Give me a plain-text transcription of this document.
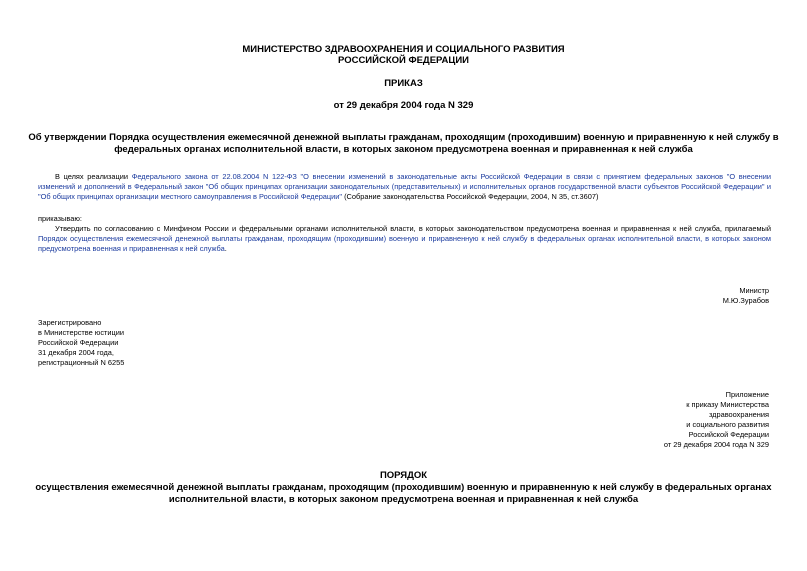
МИНИСТЕРСТВО ЗДРАВООХРАНЕНИЯ И СОЦИАЛЬНОГО РАЗВИТИЯ
РОССИЙСКОЙ ФЕДЕРАЦИИ
ПРИКАЗ
от 29 декабря 2004 года N 329
Об утверждении Порядка осуществления ежемесячной денежной выплаты гражданам, проходящим (проходившим) военную и приравненную к ней службу в
федеральных органах исполнительной власти, в которых законом предусмотрена военная и приравненная к ней служба
В целях реализации Федерального закона от 22.08.2004 N 122-ФЗ "О внесении изменений в законодательные акты Российской Федерации в связи с принятием федеральных законов "О внесении изменений и дополнений в Федеральный закон "Об общих принципах организации законодательных (представительных) и исполнительных органов государственной власти субъектов Российской Федерации" и "Об общих принципах организации местного самоуправления в Российской Федерации" (Собрание законодательства Российской Федерации, 2004, N 35, ст.3607)
приказываю:
Утвердить по согласованию с Минфином России и федеральными органами исполнительной власти, в которых законодательством предусмотрена военная и приравненная к ней служба, прилагаемый Порядок осуществления ежемесячной денежной выплаты гражданам, проходящим (проходившим) военную и приравненную к ней службу в федеральных органах исполнительной власти, в которых законом предусмотрена военная и приравненная к ней служба.
Министр
М.Ю.Зурабов
Зарегистрировано
в Министерстве юстиции
Российской Федерации
31 декабря 2004 года,
регистрационный N 6255
Приложение
к приказу Министерства
здравоохранения
и социального развития
Российской Федерации
от 29 декабря 2004 года N 329
ПОРЯДОК
осуществления ежемесячной денежной выплаты гражданам, проходящим (проходившим) военную и приравненную к ней службу в федеральных органах
исполнительной власти, в которых законом предусмотрена военная и приравненная к ней служба
